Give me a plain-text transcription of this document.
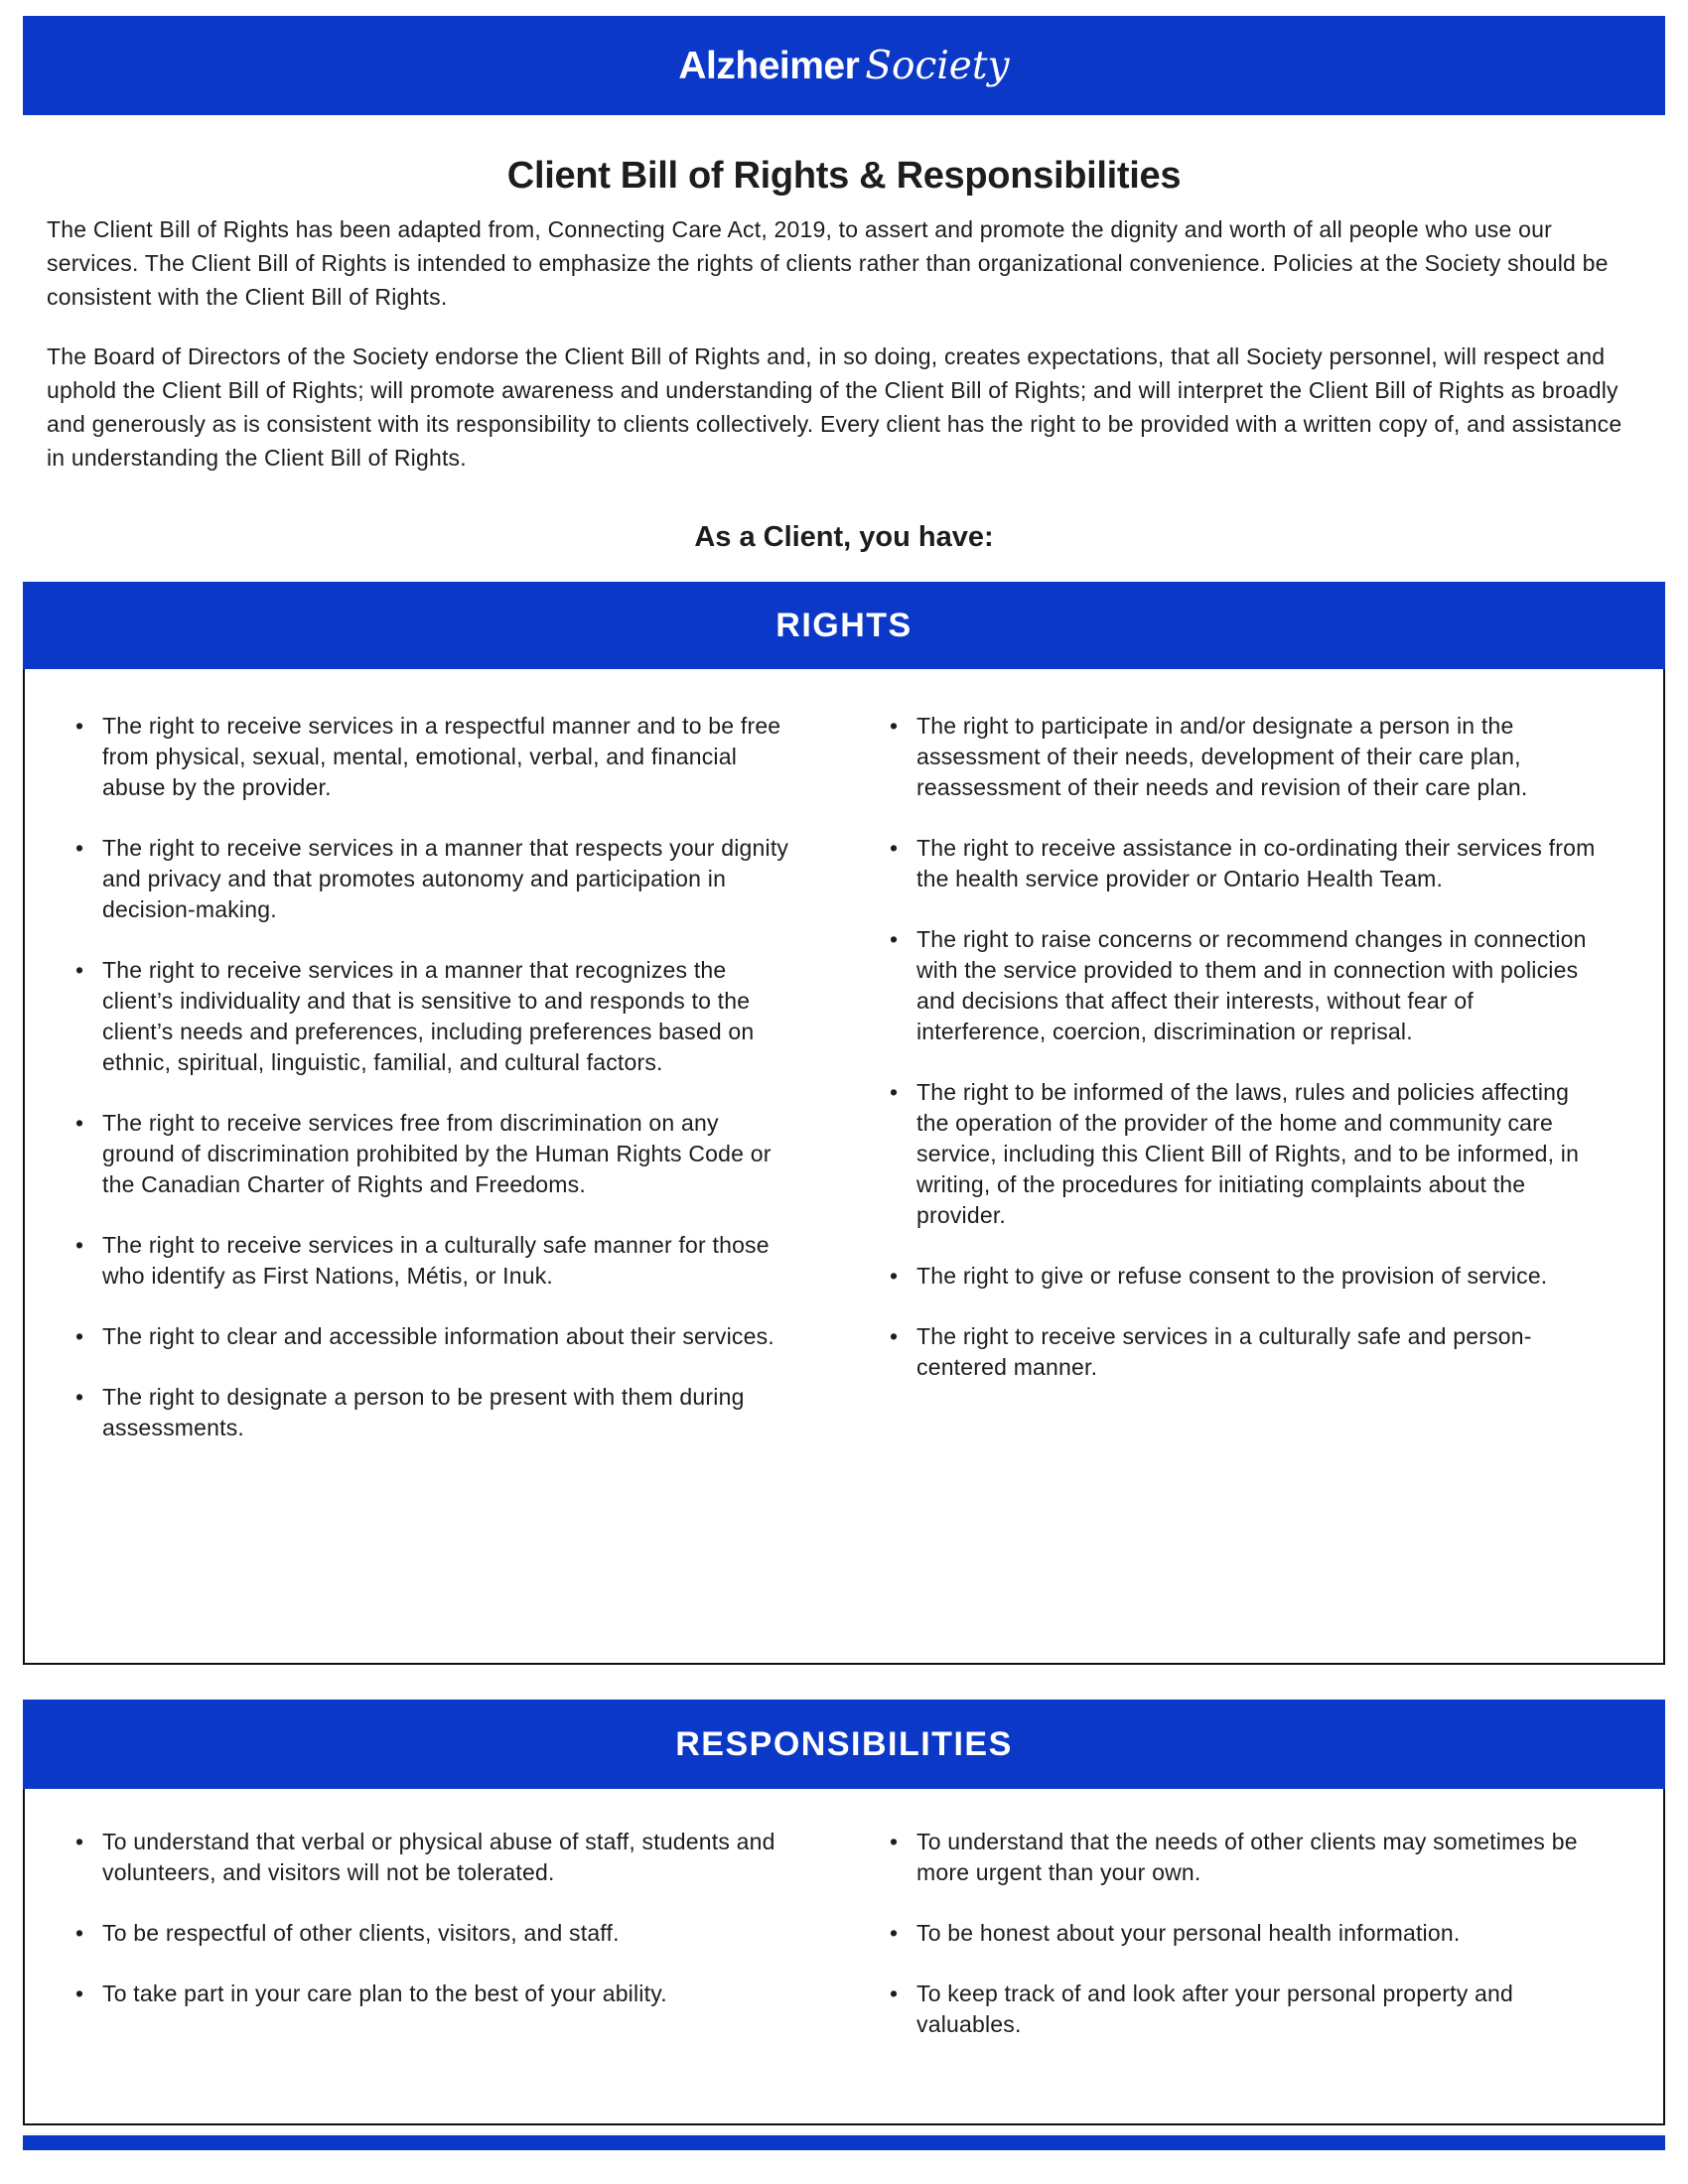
Alzheimer Society
Client Bill of Rights & Responsibilities

The Client Bill of Rights has been adapted from, Connecting Care Act, 2019, to assert and promote the dignity and worth of all people who use our services. The Client Bill of Rights is intended to emphasize the rights of clients rather than organizational convenience. Policies at the Society should be consistent with the Client Bill of Rights.

The Board of Directors of the Society endorse the Client Bill of Rights and, in so doing, creates expectations, that all Society personnel, will respect and uphold the Client Bill of Rights; will promote awareness and understanding of the Client Bill of Rights; and will interpret the Client Bill of Rights as broadly and generously as is consistent with its responsibility to clients collectively. Every client has the right to be provided with a written copy of, and assistance in understanding the Client Bill of Rights.

As a Client, you have:
RIGHTS
• The right to receive services in a respectful manner and to be free from physical, sexual, mental, emotional, verbal, and financial abuse by the provider.
• The right to receive services in a manner that respects your dignity and privacy and that promotes autonomy and participation in decision-making.
• The right to receive services in a manner that recognizes the client’s individuality and that is sensitive to and responds to the client’s needs and preferences, including preferences based on ethnic, spiritual, linguistic, familial, and cultural factors.
• The right to receive services free from discrimination on any ground of discrimination prohibited by the Human Rights Code or the Canadian Charter of Rights and Freedoms.
• The right to receive services in a culturally safe manner for those who identify as First Nations, Métis, or Inuk.
• The right to clear and accessible information about their services.
• The right to designate a person to be present with them during assessments.
• The right to participate in and/or designate a person in the assessment of their needs, development of their care plan, reassessment of their needs and revision of their care plan.
• The right to receive assistance in co-ordinating their services from the health service provider or Ontario Health Team.
• The right to raise concerns or recommend changes in connection with the service provided to them and in connection with policies and decisions that affect their interests, without fear of interference, coercion, discrimination or reprisal.
• The right to be informed of the laws, rules and policies affecting the operation of the provider of the home and community care service, including this Client Bill of Rights, and to be informed, in writing, of the procedures for initiating complaints about the provider.
• The right to give or refuse consent to the provision of service.
• The right to receive services in a culturally safe and person-centered manner.
RESPONSIBILITIES
• To understand that verbal or physical abuse of staff, students and volunteers, and visitors will not be tolerated.
• To be respectful of other clients, visitors, and staff.
• To take part in your care plan to the best of your ability.
• To understand that the needs of other clients may sometimes be more urgent than your own.
• To be honest about your personal health information.
• To keep track of and look after your personal property and valuables.
